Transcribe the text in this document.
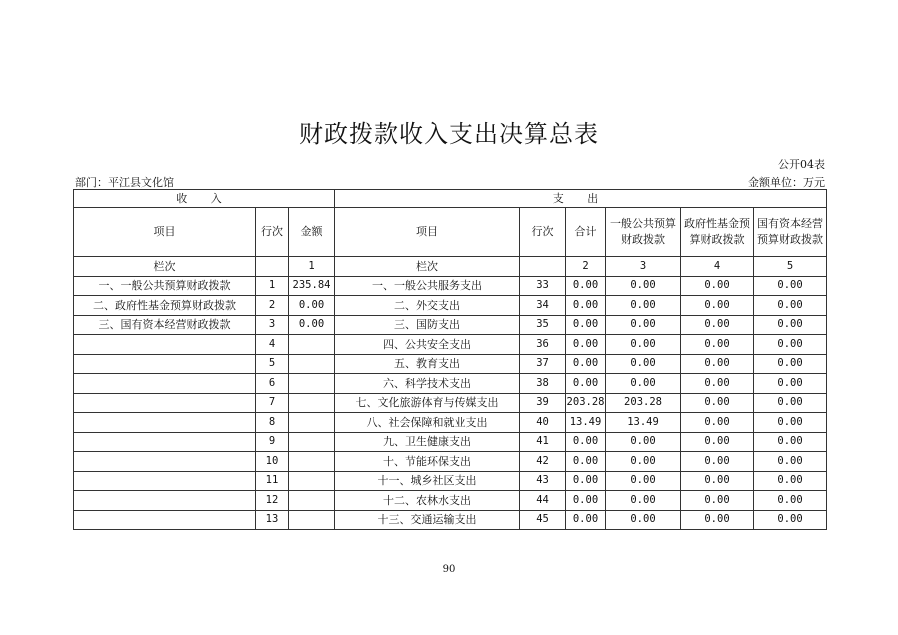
财政拨款收入支出决算总表
公开04表
部门：平江县文化馆	金额单位：万元
收 入			支 出					
项目	行次	金额	项目	行次	合计	一般公共预算财政拨款	政府性基金预算财政拨款	国有资本经营预算财政拨款
栏次		1	栏次		2	3	4	5
一、一般公共预算财政拨款	1	235.84	一、一般公共服务支出	33	0.00	0.00	0.00	0.00
二、政府性基金预算财政拨款	2	0.00	二、外交支出	34	0.00	0.00	0.00	0.00
三、国有资本经营财政拨款	3	0.00	三、国防支出	35	0.00	0.00	0.00	0.00
	4		四、公共安全支出	36	0.00	0.00	0.00	0.00
	5		五、教育支出	37	0.00	0.00	0.00	0.00
	6		六、科学技术支出	38	0.00	0.00	0.00	0.00
	7		七、文化旅游体育与传媒支出	39	203.28	203.28	0.00	0.00
	8		八、社会保障和就业支出	40	13.49	13.49	0.00	0.00
	9		九、卫生健康支出	41	0.00	0.00	0.00	0.00
	10		十、节能环保支出	42	0.00	0.00	0.00	0.00
	11		十一、城乡社区支出	43	0.00	0.00	0.00	0.00
	12		十二、农林水支出	44	0.00	0.00	0.00	0.00
	13		十三、交通运输支出	45	0.00	0.00	0.00	0.00
90
